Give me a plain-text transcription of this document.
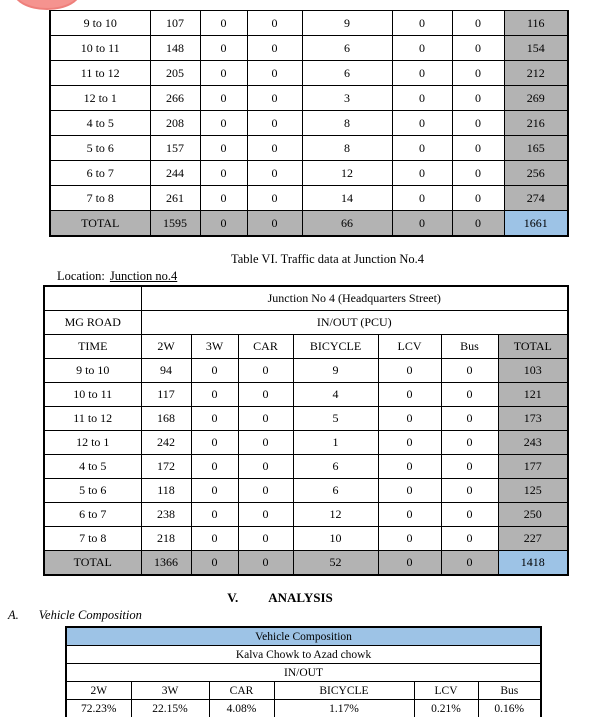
9 to 10	107	0	0	9	0	0	116
10 to 11	148	0	0	6	0	0	154
11 to 12	205	0	0	6	0	0	212
12 to 1	266	0	0	3	0	0	269
4 to 5	208	0	0	8	0	0	216
5 to 6	157	0	0	8	0	0	165
6 to 7	244	0	0	12	0	0	256
7 to 8	261	0	0	14	0	0	274
TOTAL	1595	0	0	66	0	0	1661
Table VI. Traffic data at Junction No.4
Location: Junction no.4
	Junction No 4 (Headquarters Street)						
MG ROAD	IN/OUT (PCU)						
TIME	2W	3W	CAR	BICYCLE	LCV	Bus	TOTAL
9 to 10	94	0	0	9	0	0	103
10 to 11	117	0	0	4	0	0	121
11 to 12	168	0	0	5	0	0	173
12 to 1	242	0	0	1	0	0	243
4 to 5	172	0	0	6	0	0	177
5 to 6	118	0	0	6	0	0	125
6 to 7	238	0	0	12	0	0	250
7 to 8	218	0	0	10	0	0	227
TOTAL	1366	0	0	52	0	0	1418
V. ANALYSIS
A. Vehicle Composition
Vehicle Composition					
Kalva Chowk to Azad chowk					
IN/OUT					
2W	3W	CAR	BICYCLE	LCV	Bus
72.23%	22.15%	4.08%	1.17%	0.21%	0.16%
